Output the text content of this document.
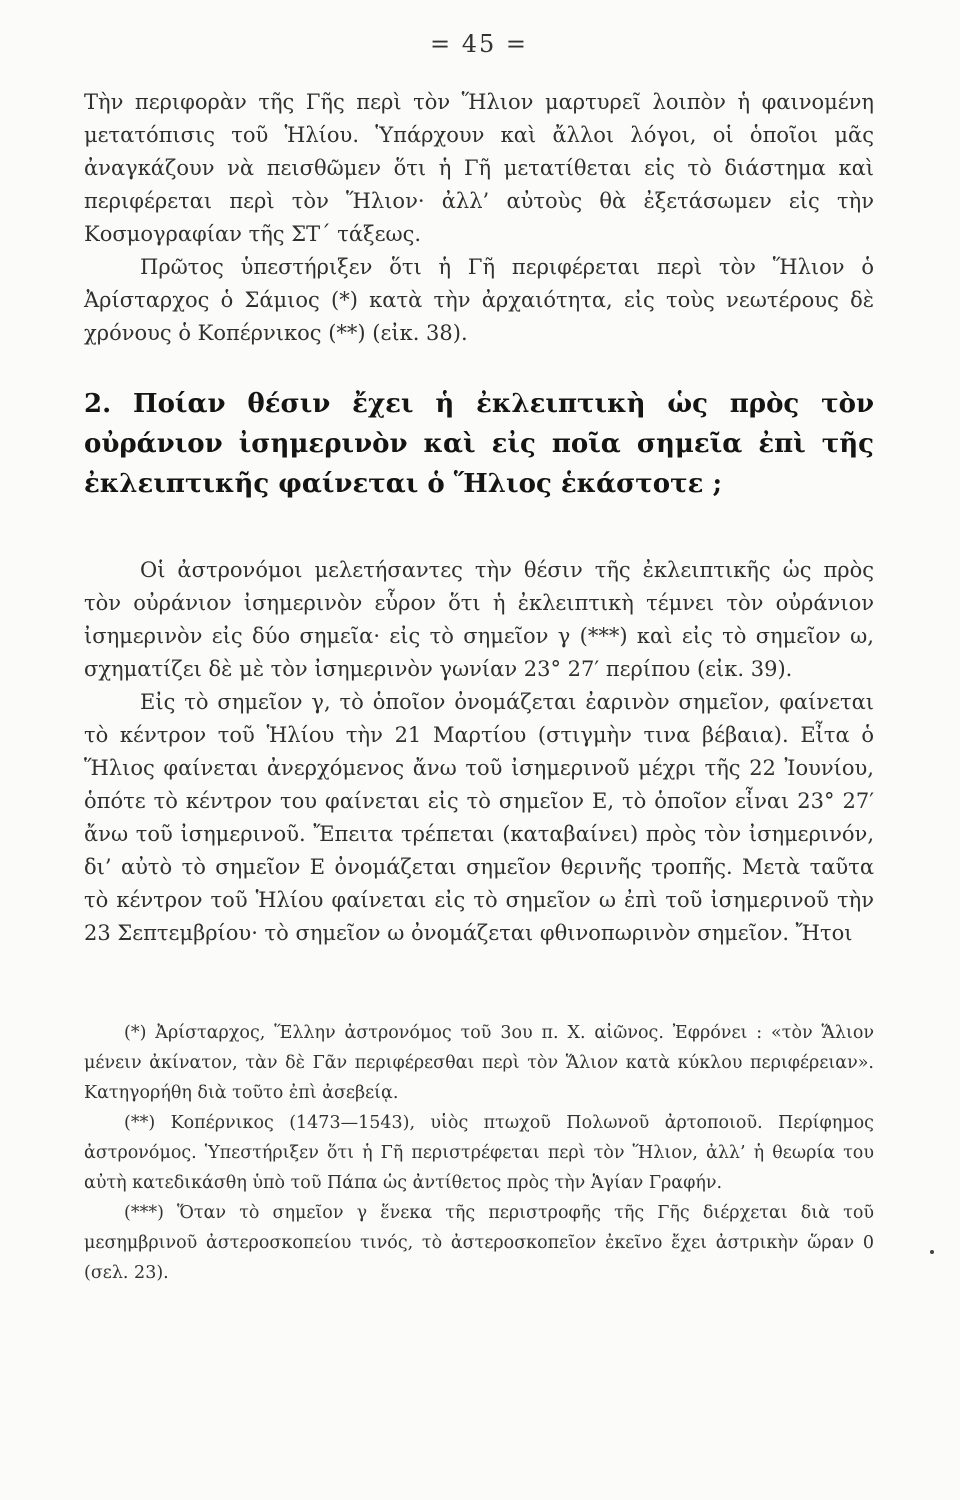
= 45 =

Τὴν περιφορὰν τῆς Γῆς περὶ τὸν Ἥλιον μαρτυρεῖ λοιπὸν ἡ φαινομένη μετατόπισις τοῦ Ἡλίου. Ὑπάρχουν καὶ ἄλλοι λόγοι, οἱ ὁποῖοι μᾶς ἀναγκάζουν νὰ πεισθῶμεν ὅτι ἡ Γῆ μετατίθεται εἰς τὸ διάστημα καὶ περιφέρεται περὶ τὸν Ἥλιον· ἀλλ’ αὐτοὺς θὰ ἐξετάσωμεν εἰς τὴν Κοσμογραφίαν τῆς ΣΤ΄ τάξεως.

Πρῶτος ὑπεστήριξεν ὅτι ἡ Γῆ περιφέρεται περὶ τὸν Ἥλιον ὁ Ἀρίσταρχος ὁ Σάμιος (*) κατὰ τὴν ἀρχαιότητα, εἰς τοὺς νεωτέρους δὲ χρόνους ὁ Κοπέρνικος (**) (εἰκ. 38).

2. Ποίαν θέσιν ἔχει ἡ ἐκλειπτικὴ ὡς πρὸς τὸν οὐράνιον ἰσημερινὸν καὶ εἰς ποῖα σημεῖα ἐπὶ τῆς ἐκλειπτικῆς φαίνεται ὁ Ἥλιος ἑκάστοτε ;

Οἱ ἀστρονόμοι μελετήσαντες τὴν θέσιν τῆς ἐκλειπτικῆς ὡς πρὸς τὸν οὐράνιον ἰσημερινὸν εὗρον ὅτι ἡ ἐκλειπτικὴ τέμνει τὸν οὐράνιον ἰσημερινὸν εἰς δύο σημεῖα· εἰς τὸ σημεῖον γ (***) καὶ εἰς τὸ σημεῖον ω, σχηματίζει δὲ μὲ τὸν ἰσημερινὸν γωνίαν 23° 27′ περίπου (εἰκ. 39).

Εἰς τὸ σημεῖον γ, τὸ ὁποῖον ὀνομάζεται ἐαρινὸν σημεῖον, φαίνεται τὸ κέντρον τοῦ Ἡλίου τὴν 21 Μαρτίου (στιγμὴν τινα βέβαια). Εἶτα ὁ Ἥλιος φαίνεται ἀνερχόμενος ἄνω τοῦ ἰσημερινοῦ μέχρι τῆς 22 Ἰουνίου, ὁπότε τὸ κέντρον του φαίνεται εἰς τὸ σημεῖον Ε, τὸ ὁποῖον εἶναι 23° 27′ ἄνω τοῦ ἰσημερινοῦ. Ἔπειτα τρέπεται (καταβαίνει) πρὸς τὸν ἰσημερινόν, δι’ αὐτὸ τὸ σημεῖον Ε ὀνομάζεται σημεῖον θερινῆς τροπῆς. Μετὰ ταῦτα τὸ κέντρον τοῦ Ἡλίου φαίνεται εἰς τὸ σημεῖον ω ἐπὶ τοῦ ἰσημερινοῦ τὴν 23 Σεπτεμβρίου· τὸ σημεῖον ω ὀνομάζεται φθινοπωρινὸν σημεῖον. Ἤτοι

(*) Ἀρίσταρχος, Ἕλλην ἀστρονόμος τοῦ 3ου π. Χ. αἰῶνος. Ἐφρόνει : «τὸν Ἅλιον μένειν ἀκίνατον, τὰν δὲ Γᾶν περιφέρεσθαι περὶ τὸν Ἅλιον κατὰ κύκλου περιφέρειαν». Κατηγορήθη διὰ τοῦτο ἐπὶ ἀσεβείᾳ.

(**) Κοπέρνικος (1473—1543), υἱὸς πτωχοῦ Πολωνοῦ ἀρτοποιοῦ. Περίφημος ἀστρονόμος. Ὑπεστήριξεν ὅτι ἡ Γῆ περιστρέφεται περὶ τὸν Ἥλιον, ἀλλ’ ἡ θεωρία του αὐτὴ κατεδικάσθη ὑπὸ τοῦ Πάπα ὡς ἀντίθετος πρὸς τὴν Ἁγίαν Γραφήν.

(***) Ὅταν τὸ σημεῖον γ ἕνεκα τῆς περιστροφῆς τῆς Γῆς διέρχεται διὰ τοῦ μεσημβρινοῦ ἀστεροσκοπείου τινός, τὸ ἀστεροσκοπεῖον ἐκεῖνο ἔχει ἀστρικὴν ὥραν 0 (σελ. 23).
